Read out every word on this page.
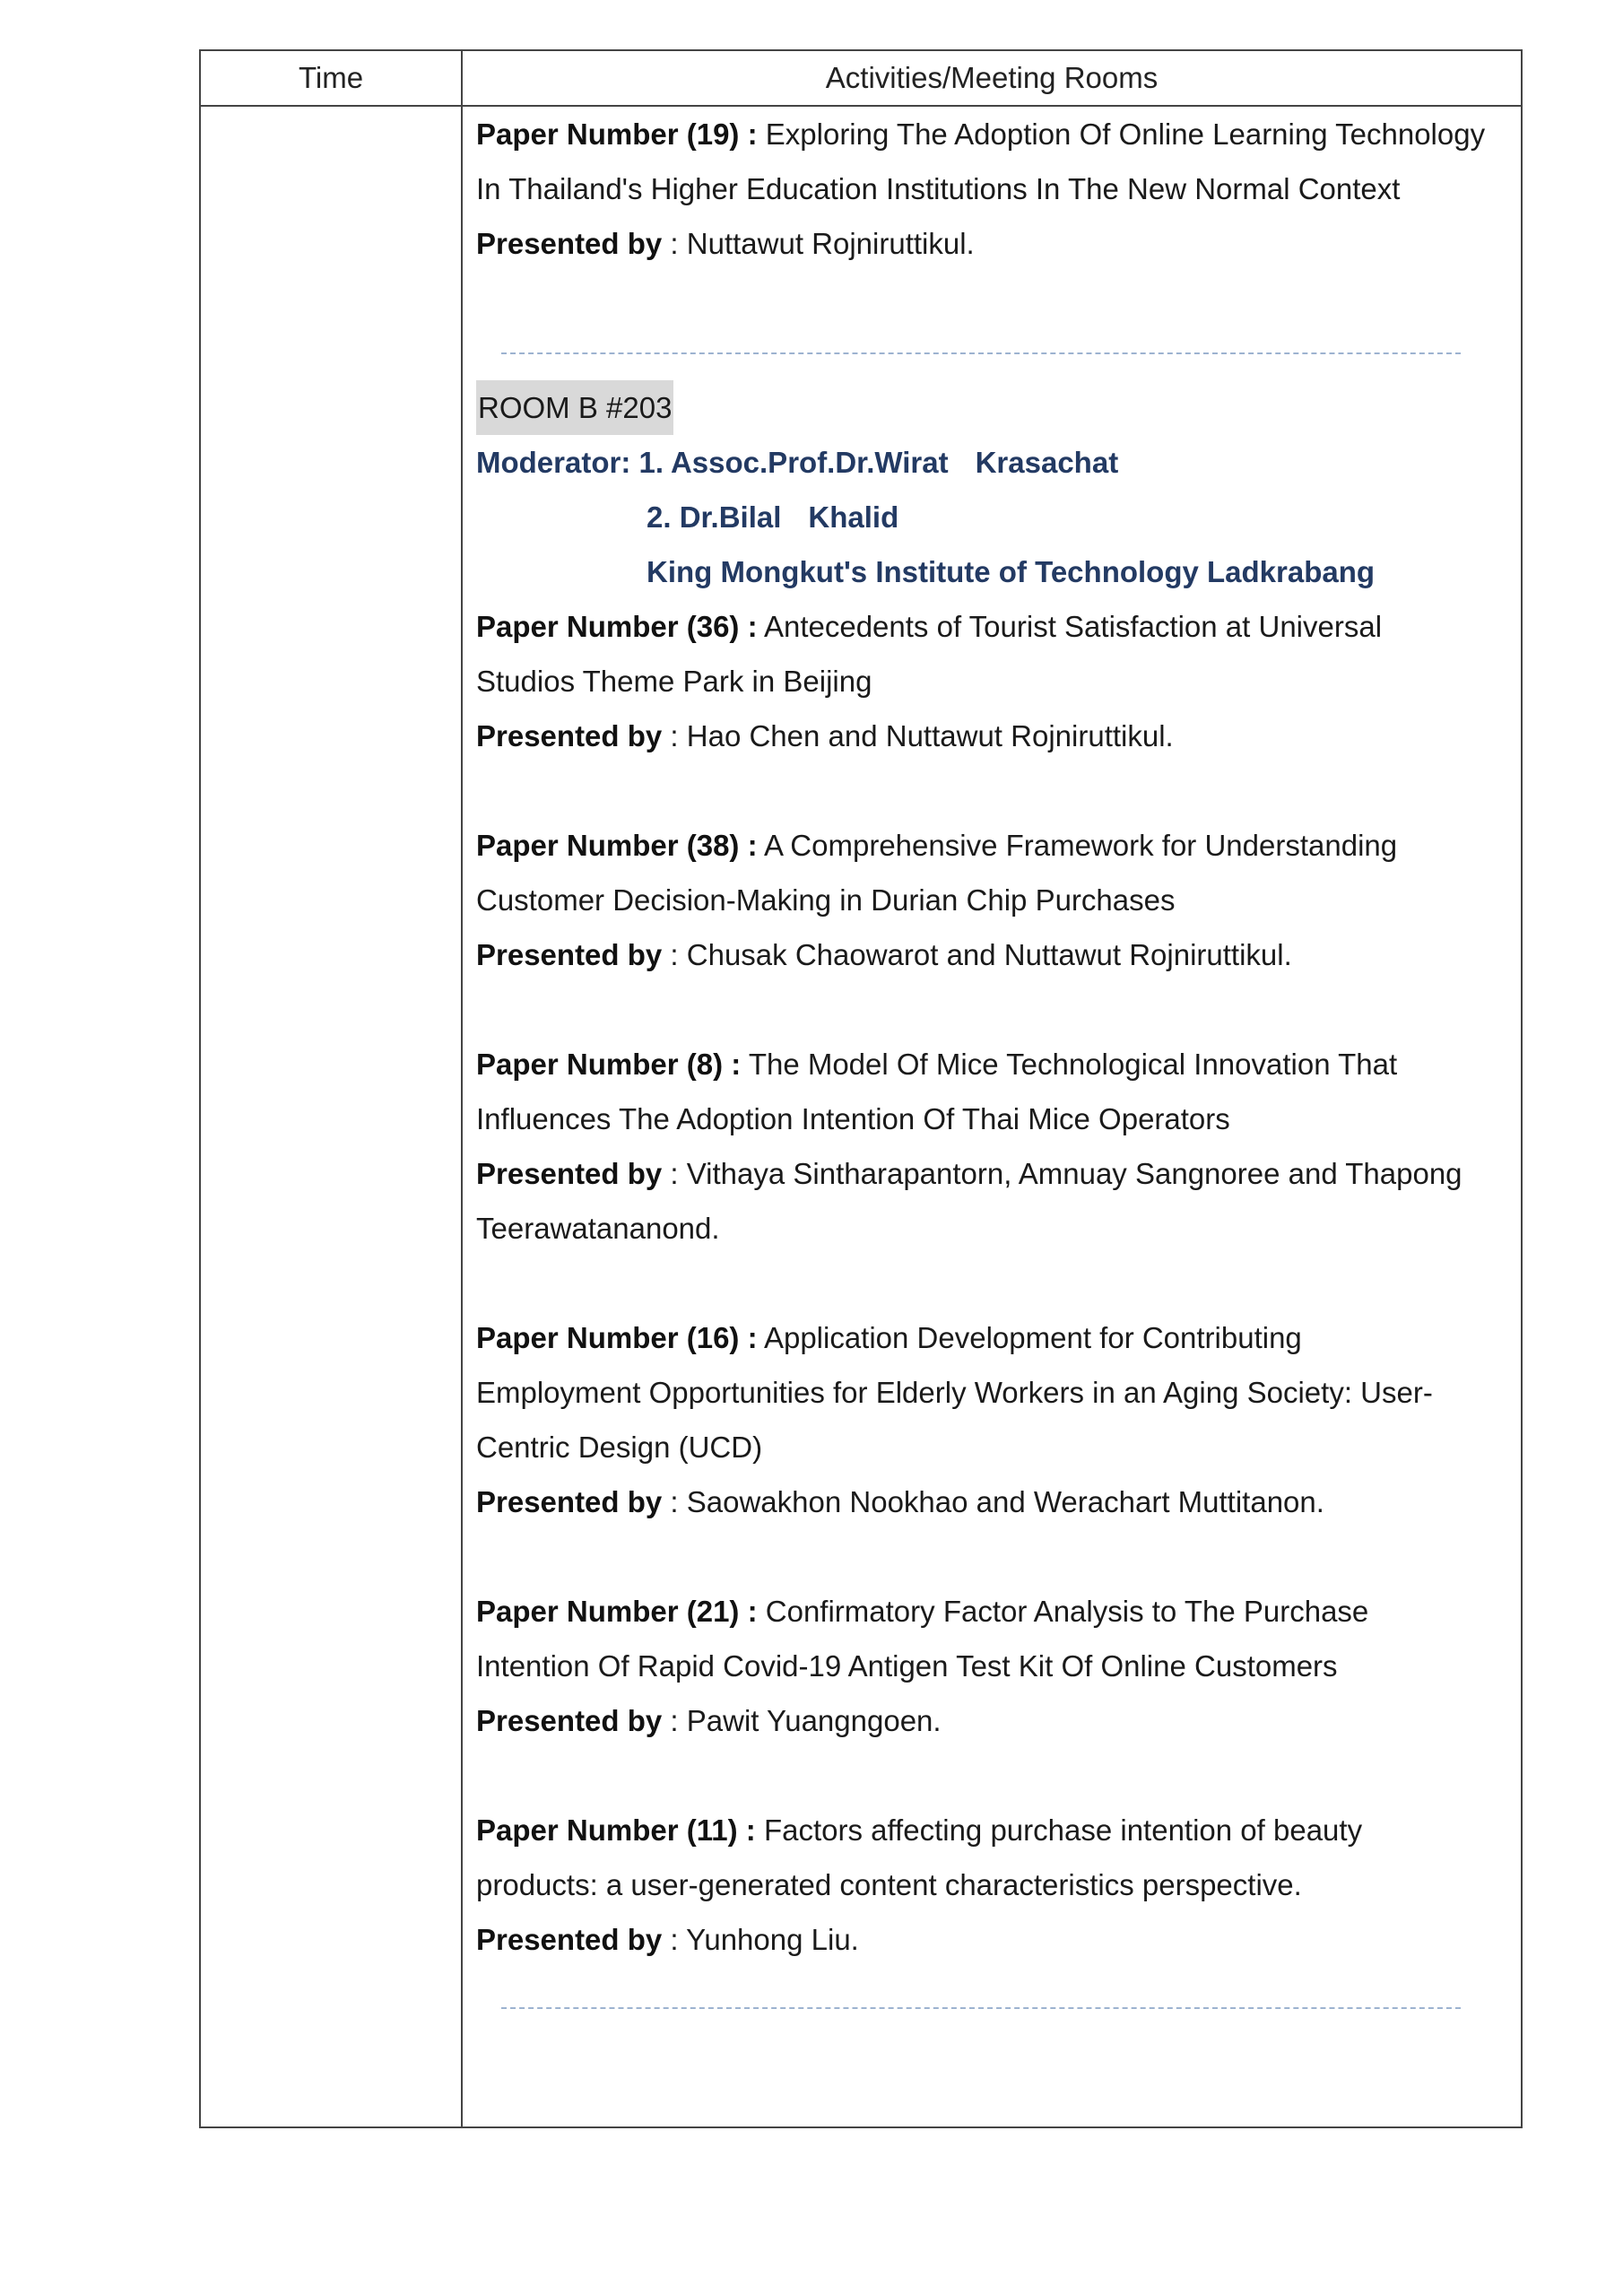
Time	Activities/Meeting Rooms
Paper Number (19) : Exploring The Adoption Of Online Learning Technology
In Thailand's Higher Education Institutions In The New Normal Context
Presented by : Nuttawut Rojniruttikul.
ROOM B #203
Moderator: 1. Assoc.Prof.Dr.Wirat Krasachat
2. Dr.Bilal Khalid
King Mongkut's Institute of Technology Ladkrabang
Paper Number (36) : Antecedents of Tourist Satisfaction at Universal
Studios Theme Park in Beijing
Presented by : Hao Chen and Nuttawut Rojniruttikul.
Paper Number (38) : A Comprehensive Framework for Understanding
Customer Decision-Making in Durian Chip Purchases
Presented by : Chusak Chaowarot and Nuttawut Rojniruttikul.
Paper Number (8) : The Model Of Mice Technological Innovation That
Influences The Adoption Intention Of Thai Mice Operators
Presented by : Vithaya Sintharapantorn, Amnuay Sangnoree and Thapong
Teerawatananond.
Paper Number (16) : Application Development for Contributing
Employment Opportunities for Elderly Workers in an Aging Society: User-
Centric Design (UCD)
Presented by : Saowakhon Nookhao and Werachart Muttitanon.
Paper Number (21) : Confirmatory Factor Analysis to The Purchase
Intention Of Rapid Covid-19 Antigen Test Kit Of Online Customers
Presented by : Pawit Yuangngoen.
Paper Number (11) : Factors affecting purchase intention of beauty
products: a user-generated content characteristics perspective.
Presented by : Yunhong Liu.
